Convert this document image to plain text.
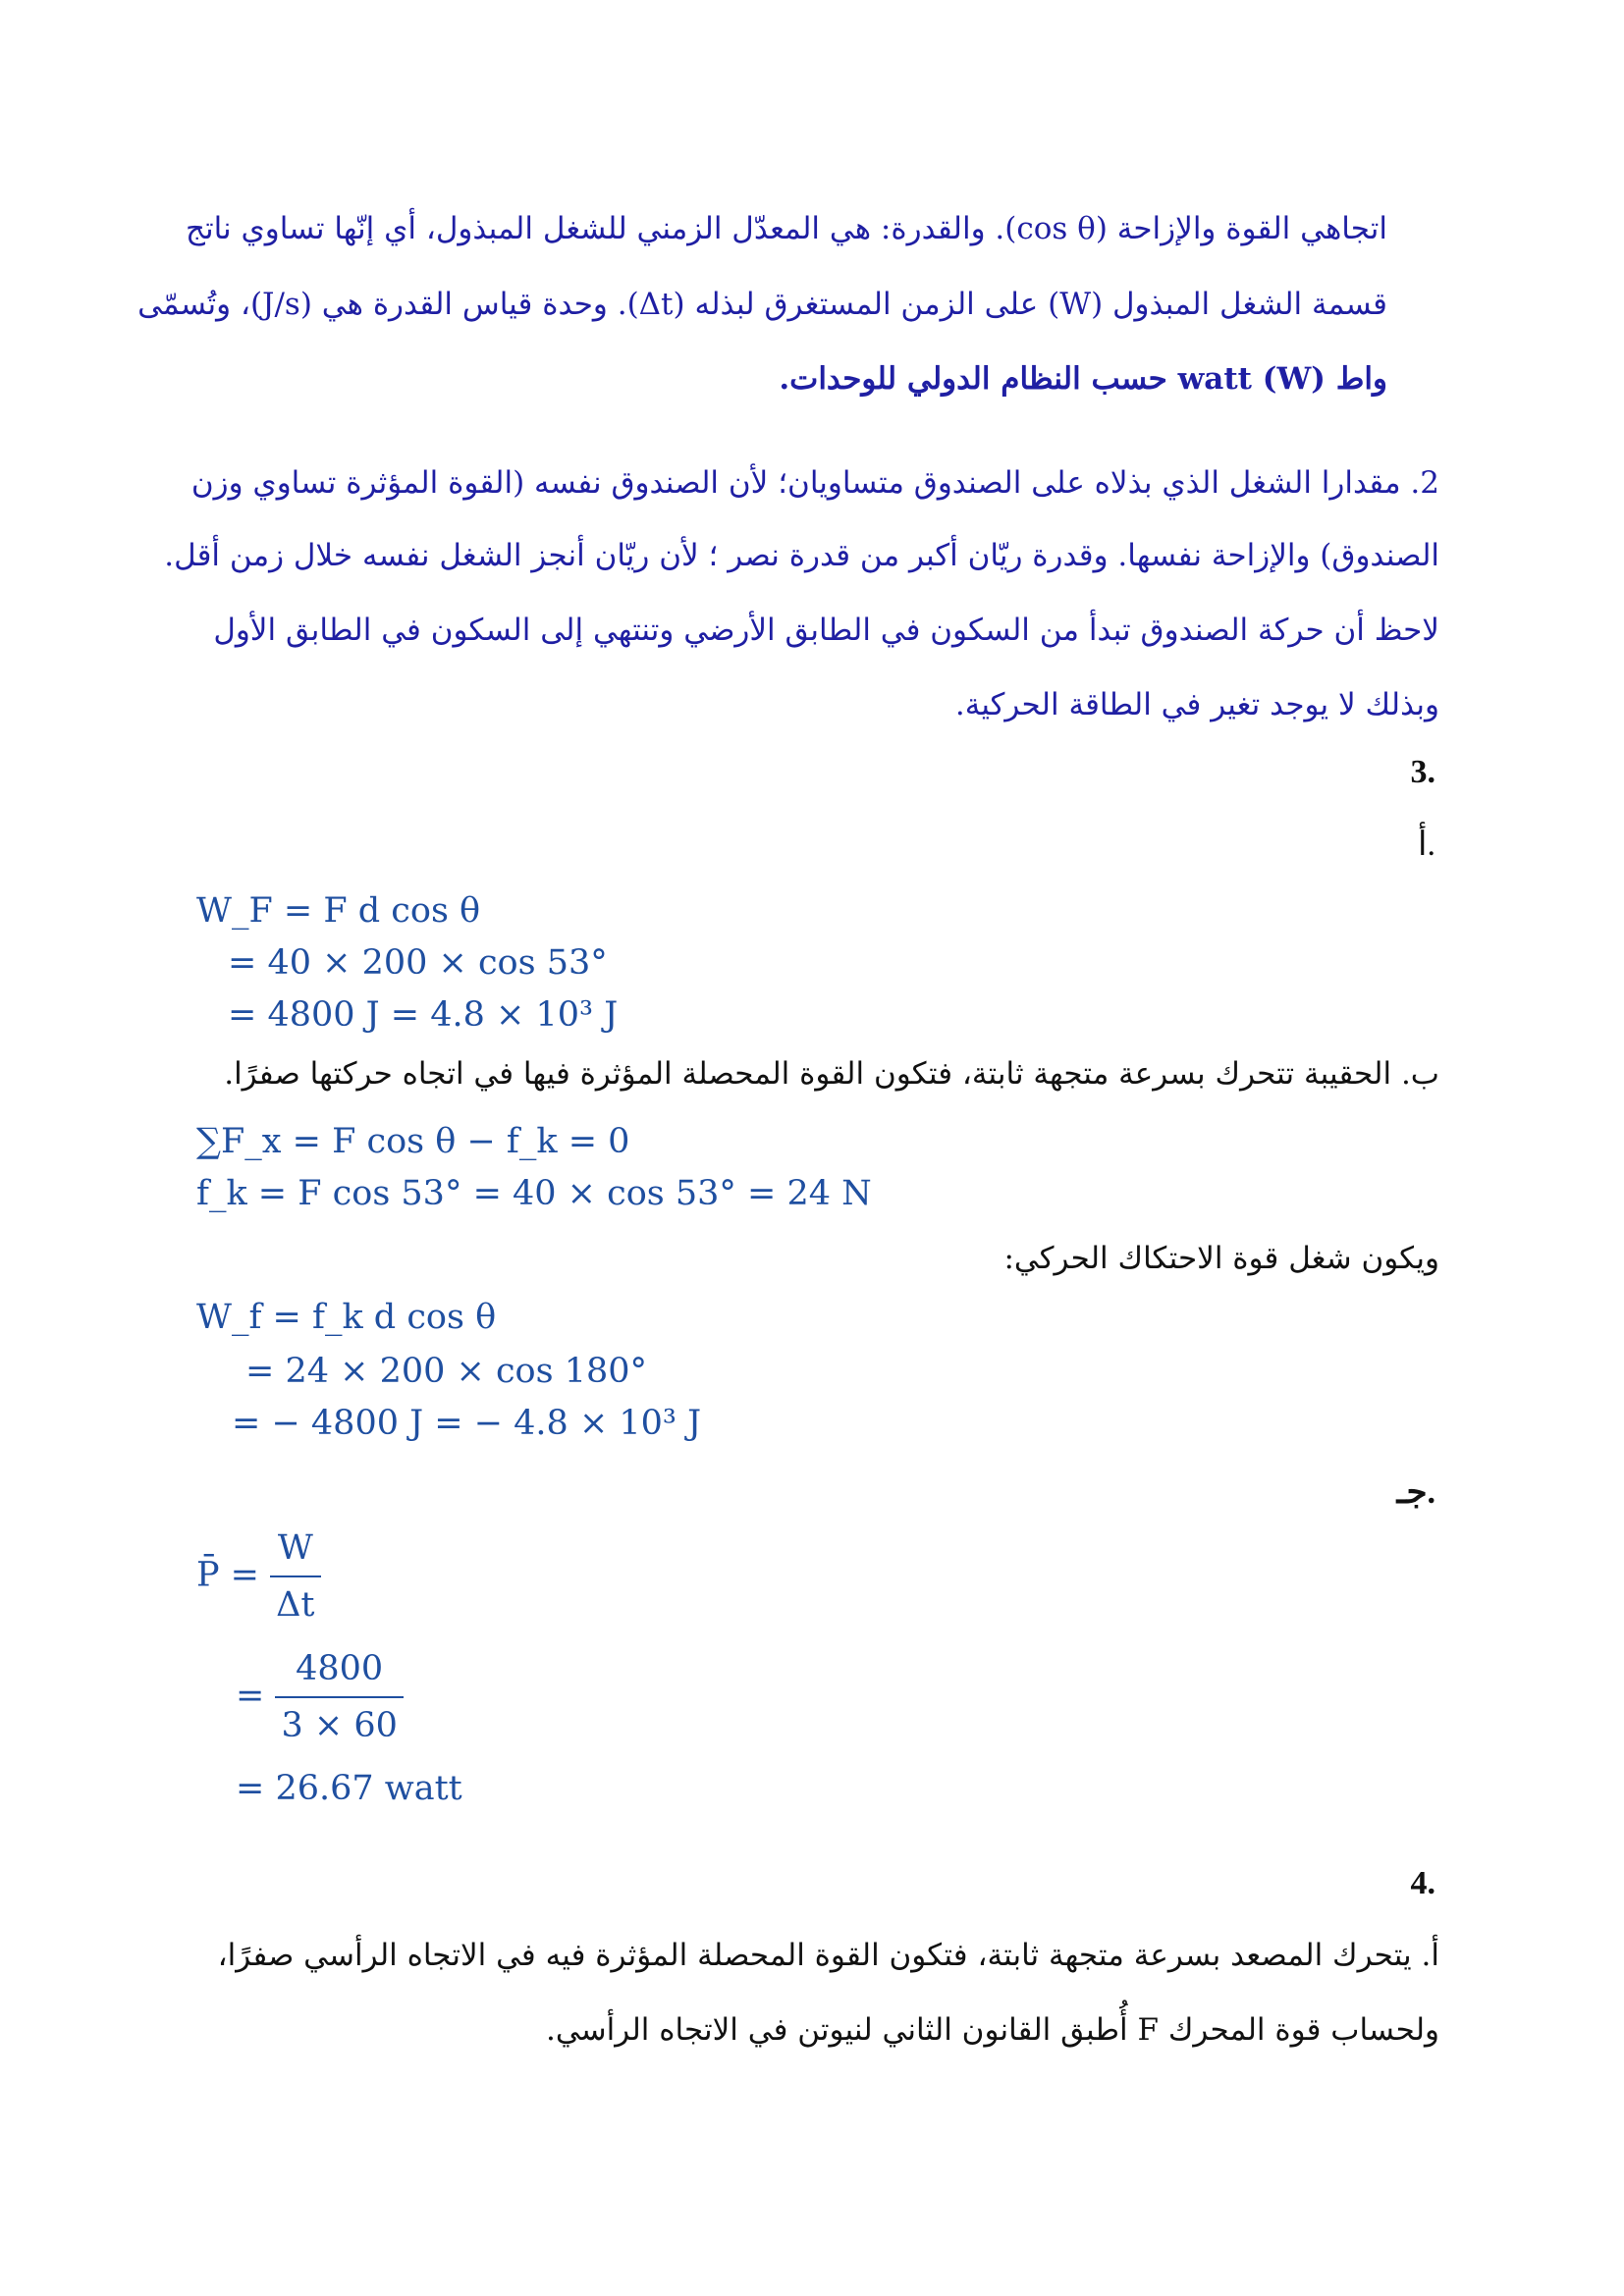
اتجاهي القوة والإزاحة (cos θ). والقدرة: هي المعدّل الزمني للشغل المبذول، أي إنّها تساوي ناتج
قسمة الشغل المبذول (W) على الزمن المستغرق لبذله (Δt). وحدة قياس القدرة هي (J/s)، وتُسمّى
واط watt (W) حسب النظام الدولي للوحدات.
2. مقدارا الشغل الذي بذلاه على الصندوق متساويان؛ لأن الصندوق نفسه (القوة المؤثرة تساوي وزن
الصندوق) والإزاحة نفسها. وقدرة ريّان أكبر من قدرة نصر ؛ لأن ريّان أنجز الشغل نفسه خلال زمن أقل.
لاحظ أن حركة الصندوق تبدأ من السكون في الطابق الأرضي وتنتهي إلى السكون في الطابق الأول
وبذلك لا يوجد تغير في الطاقة الحركية.
.3
.أ
W_F = F d cos θ
= 40 × 200 × cos 53°
= 4800 J = 4.8 × 10³ J
ب. الحقيبة تتحرك بسرعة متجهة ثابتة، فتكون القوة المحصلة المؤثرة فيها في اتجاه حركتها صفرًا.
∑F_x = F cos θ − f_k = 0
f_k = F cos 53° = 40 × cos 53° = 24 N
ويكون شغل قوة الاحتكاك الحركي:
W_f = f_k d cos θ
= 24 × 200 × cos 180°
= − 4800 J = − 4.8 × 10³ J
.جـ
P̄ = $\frac{W}{\Delta t}$
= $\frac{4800}{3 \times 60}$
= 26.67 watt
.4
أ. يتحرك المصعد بسرعة متجهة ثابتة، فتكون القوة المحصلة المؤثرة فيه في الاتجاه الرأسي صفرًا،
ولحساب قوة المحرك F أُطبق القانون الثاني لنيوتن في الاتجاه الرأسي.
